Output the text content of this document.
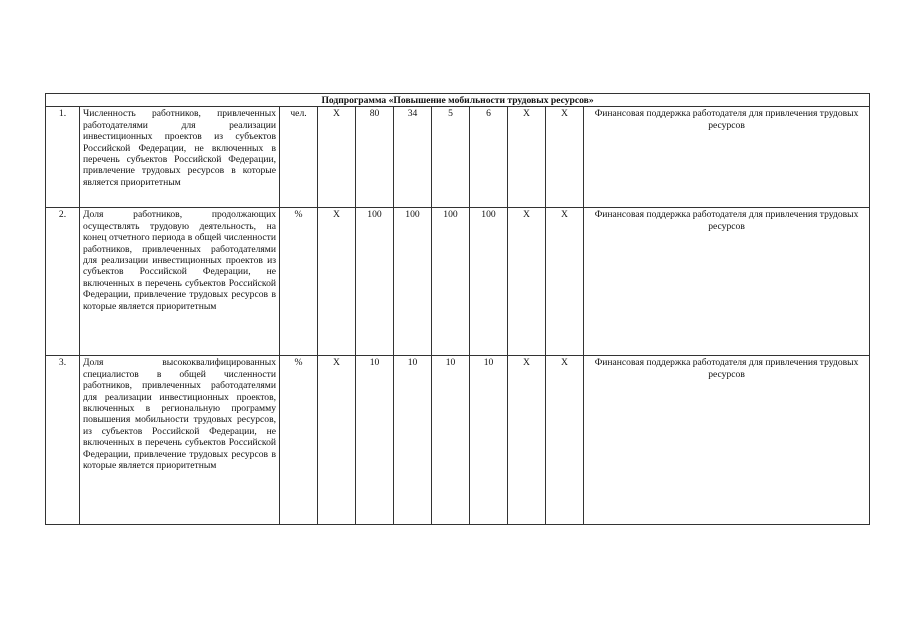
Подпрограмма «Повышение мобильности трудовых ресурсов»										
1.	Численность работников, привлеченных работодателями для реализации инвестиционных проектов из субъектов Российской Федерации, не включенных в перечень субъектов Российской Федерации, привлечение трудовых ресурсов в которые является приоритетным	чел.	X	80	34	5	6	X	X	Финансовая поддержка работодателя для привлечения трудовых ресурсов
2.	Доля работников, продолжающих осуществлять трудовую деятельность, на конец отчетного периода в общей численности работников, привлеченных работодателями для реализации инвестиционных проектов из субъектов Российской Федерации, не включенных в перечень субъектов Российской Федерации, привлечение трудовых ресурсов в которые является приоритетным	%	X	100	100	100	100	X	X	Финансовая поддержка работодателя для привлечения трудовых ресурсов
3.	Доля высококвалифицированных специалистов в общей численности работников, привлеченных работодателями для реализации инвестиционных проектов, включенных в региональную программу повышения мобильности трудовых ресурсов, из субъектов Российской Федерации, не включенных в перечень субъектов Российской Федерации, привлечение трудовых ресурсов в которые является приоритетным	%	X	10	10	10	10	X	X	Финансовая поддержка работодателя для привлечения трудовых ресурсов
